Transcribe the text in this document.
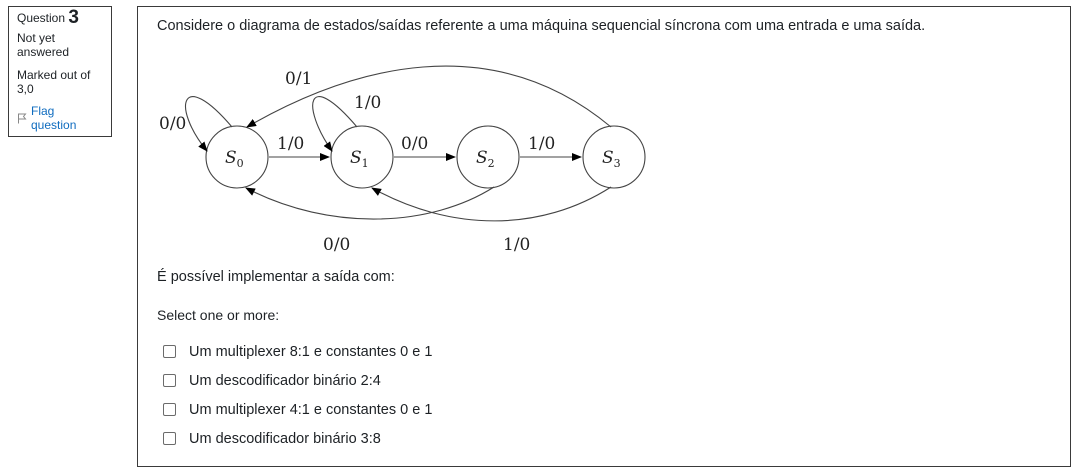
Question 3
Not yet answered
Marked out of 3,0
Flag question

Considere o diagrama de estados/saídas referente a uma máquina sequencial síncrona com uma entrada e uma saída.

$S_0$	$S_1$	$S_2$	$S_3$
0/0
1/0
1/0
0/0	1/0
0/1
0/0	1/0

É possível implementar a saída com:

Select one or more:

Um multiplexer 8:1 e constantes 0 e 1
Um descodificador binário 2:4
Um multiplexer 4:1 e constantes 0 e 1
Um descodificador binário 3:8
